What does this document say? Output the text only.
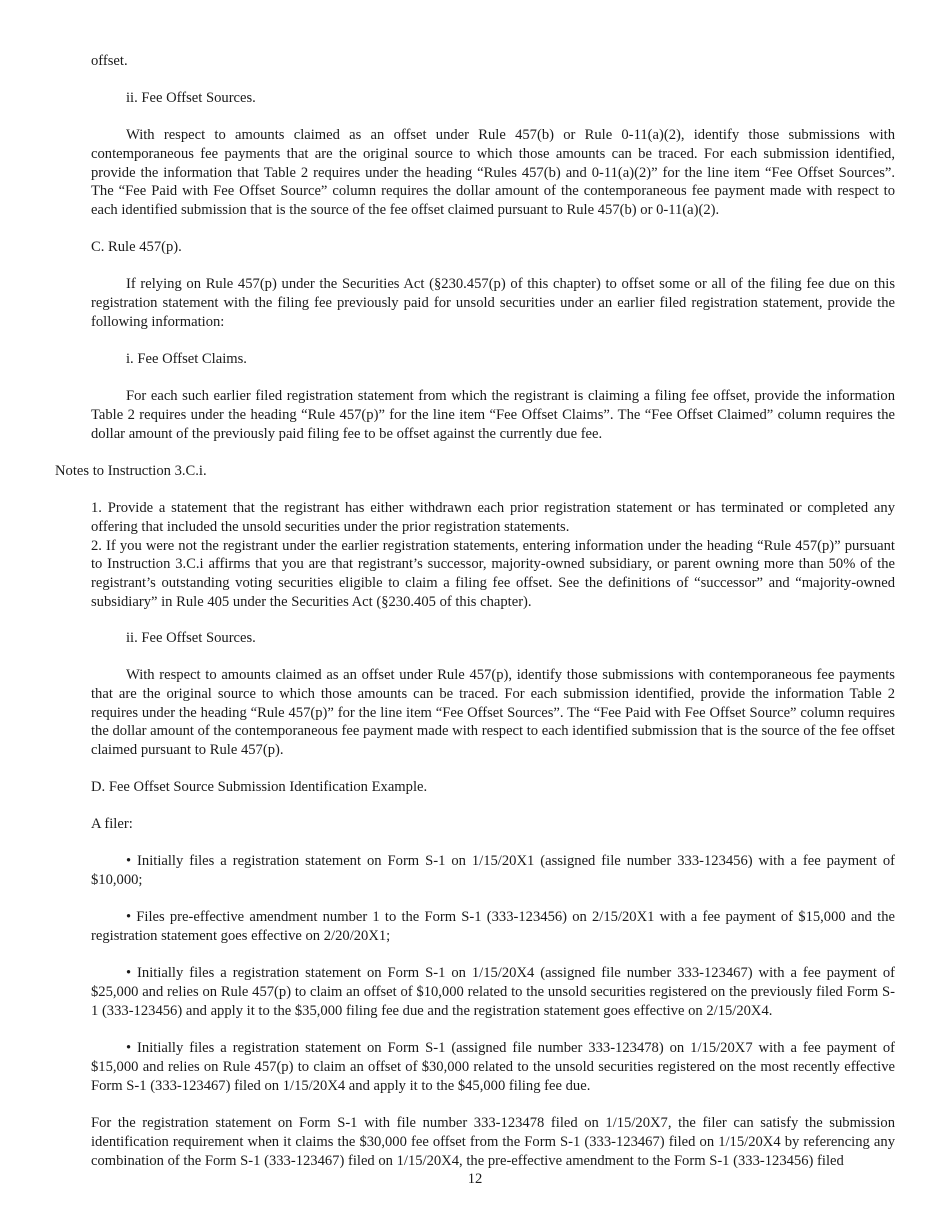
offset.

ii. Fee Offset Sources.

With respect to amounts claimed as an offset under Rule 457(b) or Rule 0-11(a)(2), identify those submissions with contemporaneous fee payments that are the original source to which those amounts can be traced. For each submission identified, provide the information that Table 2 requires under the heading “Rules 457(b) and 0-11(a)(2)” for the line item “Fee Offset Sources”. The “Fee Paid with Fee Offset Source” column requires the dollar amount of the contemporaneous fee payment made with respect to each identified submission that is the source of the fee offset claimed pursuant to Rule 457(b) or 0-11(a)(2).

C. Rule 457(p).

If relying on Rule 457(p) under the Securities Act (§230.457(p) of this chapter) to offset some or all of the filing fee due on this registration statement with the filing fee previously paid for unsold securities under an earlier filed registration statement, provide the following information:

i. Fee Offset Claims.

For each such earlier filed registration statement from which the registrant is claiming a filing fee offset, provide the information Table 2 requires under the heading “Rule 457(p)” for the line item “Fee Offset Claims”. The “Fee Offset Claimed” column requires the dollar amount of the previously paid filing fee to be offset against the currently due fee.

Notes to Instruction 3.C.i.

1. Provide a statement that the registrant has either withdrawn each prior registration statement or has terminated or completed any offering that included the unsold securities under the prior registration statements.

2. If you were not the registrant under the earlier registration statements, entering information under the heading “Rule 457(p)” pursuant to Instruction 3.C.i affirms that you are that registrant’s successor, majority-owned subsidiary, or parent owning more than 50% of the registrant’s outstanding voting securities eligible to claim a filing fee offset. See the definitions of “successor” and “majority-owned subsidiary” in Rule 405 under the Securities Act (§230.405 of this chapter).

ii. Fee Offset Sources.

With respect to amounts claimed as an offset under Rule 457(p), identify those submissions with contemporaneous fee payments that are the original source to which those amounts can be traced. For each submission identified, provide the information Table 2 requires under the heading “Rule 457(p)” for the line item “Fee Offset Sources”. The “Fee Paid with Fee Offset Source” column requires the dollar amount of the contemporaneous fee payment made with respect to each identified submission that is the source of the fee offset claimed pursuant to Rule 457(p).

D. Fee Offset Source Submission Identification Example.

A filer:

• Initially files a registration statement on Form S-1 on 1/15/20X1 (assigned file number 333-123456) with a fee payment of $10,000;

• Files pre-effective amendment number 1 to the Form S-1 (333-123456) on 2/15/20X1 with a fee payment of $15,000 and the registration statement goes effective on 2/20/20X1;

• Initially files a registration statement on Form S-1 on 1/15/20X4 (assigned file number 333-123467) with a fee payment of $25,000 and relies on Rule 457(p) to claim an offset of $10,000 related to the unsold securities registered on the previously filed Form S-1 (333-123456) and apply it to the $35,000 filing fee due and the registration statement goes effective on 2/15/20X4.

• Initially files a registration statement on Form S-1 (assigned file number 333-123478) on 1/15/20X7 with a fee payment of $15,000 and relies on Rule 457(p) to claim an offset of $30,000 related to the unsold securities registered on the most recently effective Form S-1 (333-123467) filed on 1/15/20X4 and apply it to the $45,000 filing fee due.

For the registration statement on Form S-1 with file number 333-123478 filed on 1/15/20X7, the filer can satisfy the submission identification requirement when it claims the $30,000 fee offset from the Form S-1 (333-123467) filed on 1/15/20X4 by referencing any combination of the Form S-1 (333-123467) filed on 1/15/20X4, the pre-effective amendment to the Form S-1 (333-123456) filed

12
